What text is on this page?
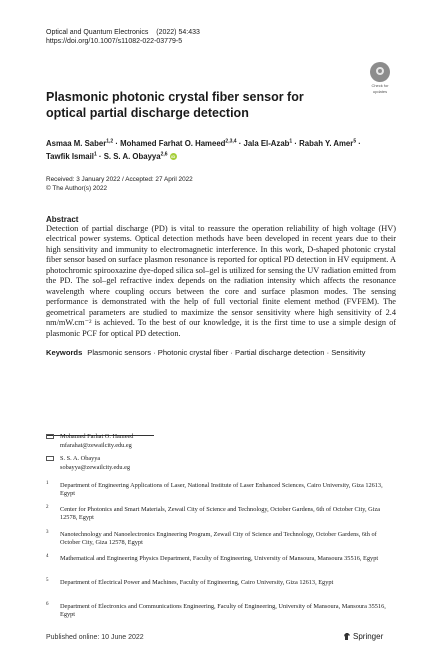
Optical and Quantum Electronics (2022) 54:433
https://doi.org/10.1007/s11082-022-03779-5
Check for
updates
Plasmonic photonic crystal fiber sensor for optical partial discharge detection
Asmaa M. Saber$^{1,2}$ · Mohamed Farhat O. Hameed$^{2,3,4}$ · Jala El-Azab$^1$ · Rabah Y. Amer$^5$ ·
Tawfik Ismail$^1$ · S. S. A. Obayya$^{2,6}$ iD
Received: 3 January 2022 / Accepted: 27 April 2022
© The Author(s) 2022
Abstract
Detection of partial discharge (PD) is vital to reassure the operation reliability of high voltage (HV) electrical power systems. Optical detection methods have been developed in recent years due to their high sensitivity and immunity to electromagnetic interference. In this work, D-shaped photonic crystal fiber sensor based on surface plasmon resonance is reported for optical PD detection in HV equipment. A photochromic spirooxazine dye-doped silica sol–gel is utilized for sensing the UV radiation emitted from the PD. The sol–gel refractive index depends on the radiation intensity which affects the resonance wavelength where coupling occurs between the core and surface plasmon modes. The sensing performance is demonstrated with the help of full vectorial finite element method (FVFEM). The geometrical parameters are studied to maximize the sensor sensitivity where high sensitivity of 2.4 nm/mW.cm⁻² is achieved. To the best of our knowledge, it is the first time to use a simple design of plasmonic PCF for optical PD detection.
Keywords Plasmonic sensors · Photonic crystal fiber · Partial discharge detection · Sensitivity
Mohamed Farhat O. Hameed
mfarahat@zewailcity.edu.eg
S. S. A. Obayya
sobayya@zewailcity.edu.eg
1 Department of Engineering Applications of Laser, National Institute of Laser Enhanced Sciences, Cairo University, Giza 12613, Egypt
2 Center for Photonics and Smart Materials, Zewail City of Science and Technology, October Gardens, 6th of October City, Giza 12578, Egypt
3 Nanotechnology and Nanoelectronics Engineering Program, Zewail City of Science and Technology, October Gardens, 6th of October City, Giza 12578, Egypt
4 Mathematical and Engineering Physics Department, Faculty of Engineering, University of Mansoura, Mansoura 35516, Egypt
5 Department of Electrical Power and Machines, Faculty of Engineering, Cairo University, Giza 12613, Egypt
6 Department of Electronics and Communications Engineering, Faculty of Engineering, University of Mansoura, Mansoura 35516, Egypt
Published online: 10 June 2022	Springer
